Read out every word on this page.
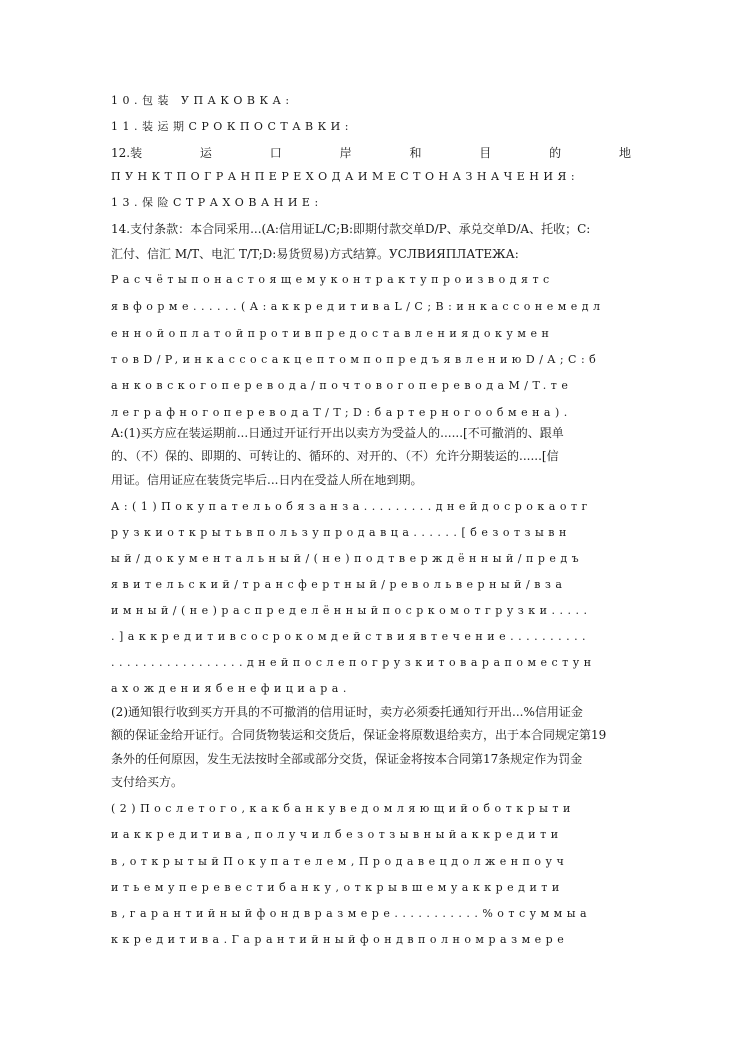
10.包装 УПАКОВКА:
11.装运期СРОКПОСТАВКИ:
12.装	运	口	岸	和	目	的	地
ПУНКТПОГРАНПЕРЕХОДАИМЕСТОНАЗНАЧЕНИЯ:
13.保险СТРАХОВАНИЕ:
14.支付条款：本合同采用...(A:信用证L/C;B:即期付款交单D/P、承兑交单D/A、托收；C:
汇付、信汇 M/T、电汇 T/T;D:易货贸易)方式结算。УСЛВИЯПЛАТЕЖА:
Расчётыпонастоящемуконтрактупроизводятс
явформе......(А:аккредитиваL/C;B:инкассонемедл
еннойоплатойпротивпредоставлениядокумен
товD/P,инкассосакцептомпопредъявлениюD/A;C:б
анковскогоперевода/почтовогопереводаM/T.те
леграфногопереводаT/T;D:бартерногообмена).
A:(1)买方应在装运期前...日通过开证行开出以卖方为受益人的......[不可撤消的、跟单
的、（不）保的、即期的、可转让的、循环的、对开的、（不）允许分期装运的......[信
用证。信用证应在装货完毕后...日内在受益人所在地到期。
А:(1)Покупательобязанза.........днейдосрокаотг
рузкиоткрытьвпользупродавца......[безотзывн
ый/документальный/(не)подтверждённый/предъ
явительский/трансфертный/револьверный/вза
имный/(не)распределённыйпосркомотгрузки.....
.]аккредитивсосрокомдействиявтечение..........
.................днейпослепогрузкитоварапоместун
ахождениябенефициара.
(2)通知银行收到买方开具的不可撤消的信用证时，卖方必须委托通知行开出...%信用证金
额的保证金给开证行。合同货物装运和交货后，保证金将原数退给卖方，出于本合同规定第19
条外的任何原因，发生无法按时全部或部分交货，保证金将按本合同第17条规定作为罚金
支付给买方。
(2)Послетого,какбанкуведомляющийоботкрыти
иаккредитива,получилбезотзывныйаккредити
в,открытыйПокупателем,Продавецдолженпоуч
итьемуперевестибанку,открывшемуаккредити
в,гарантийныйфондвразмере...........%отсуммыа
ккредитива.Гарантийныйфондвполномразмере
